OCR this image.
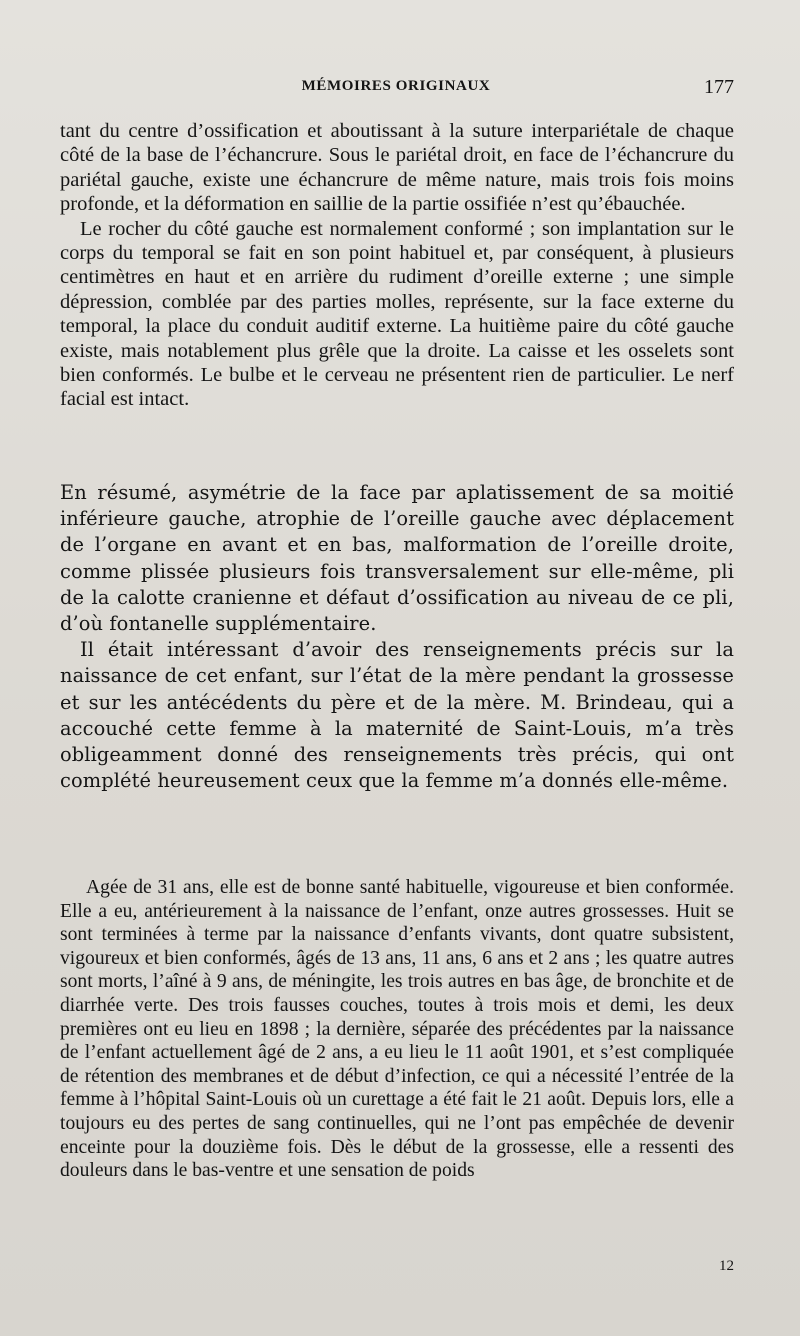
MÉMOIRES ORIGINAUX	177

tant du centre d’ossification et aboutissant à la suture interpariétale de chaque côté de la base de l’échancrure. Sous le pariétal droit, en face de l’échancrure du pariétal gauche, existe une échancrure de même nature, mais trois fois moins profonde, et la déformation en saillie de la partie ossifiée n’est qu’ébauchée.

Le rocher du côté gauche est normalement conformé ; son implantation sur le corps du temporal se fait en son point habituel et, par conséquent, à plusieurs centimètres en haut et en arrière du rudiment d’oreille externe ; une simple dépression, comblée par des parties molles, représente, sur la face externe du temporal, la place du conduit auditif externe. La huitième paire du côté gauche existe, mais notablement plus grêle que la droite. La caisse et les osselets sont bien conformés. Le bulbe et le cerveau ne présentent rien de particulier. Le nerf facial est intact.

En résumé, asymétrie de la face par aplatissement de sa moitié inférieure gauche, atrophie de l’oreille gauche avec déplacement de l’organe en avant et en bas, malformation de l’oreille droite, comme plissée plusieurs fois transversalement sur elle-même, pli de la calotte cranienne et défaut d’ossification au niveau de ce pli, d’où fontanelle supplémentaire.

Il était intéressant d’avoir des renseignements précis sur la naissance de cet enfant, sur l’état de la mère pendant la grossesse et sur les antécédents du père et de la mère. M. Brindeau, qui a accouché cette femme à la maternité de Saint-Louis, m’a très obligeamment donné des renseignements très précis, qui ont complété heureusement ceux que la femme m’a donnés elle-même.

Agée de 31 ans, elle est de bonne santé habituelle, vigoureuse et bien conformée. Elle a eu, antérieurement à la naissance de l’enfant, onze autres grossesses. Huit se sont terminées à terme par la naissance d’enfants vivants, dont quatre subsistent, vigoureux et bien conformés, âgés de 13 ans, 11 ans, 6 ans et 2 ans ; les quatre autres sont morts, l’aîné à 9 ans, de méningite, les trois autres en bas âge, de bronchite et de diarrhée verte. Des trois fausses couches, toutes à trois mois et demi, les deux premières ont eu lieu en 1898 ; la dernière, séparée des précédentes par la naissance de l’enfant actuellement âgé de 2 ans, a eu lieu le 11 août 1901, et s’est compliquée de rétention des membranes et de début d’infection, ce qui a nécessité l’entrée de la femme à l’hôpital Saint-Louis où un curettage a été fait le 21 août. Depuis lors, elle a toujours eu des pertes de sang continuelles, qui ne l’ont pas empêchée de devenir enceinte pour la douzième fois. Dès le début de la grossesse, elle a ressenti des douleurs dans le bas-ventre et une sensation de poids

12
